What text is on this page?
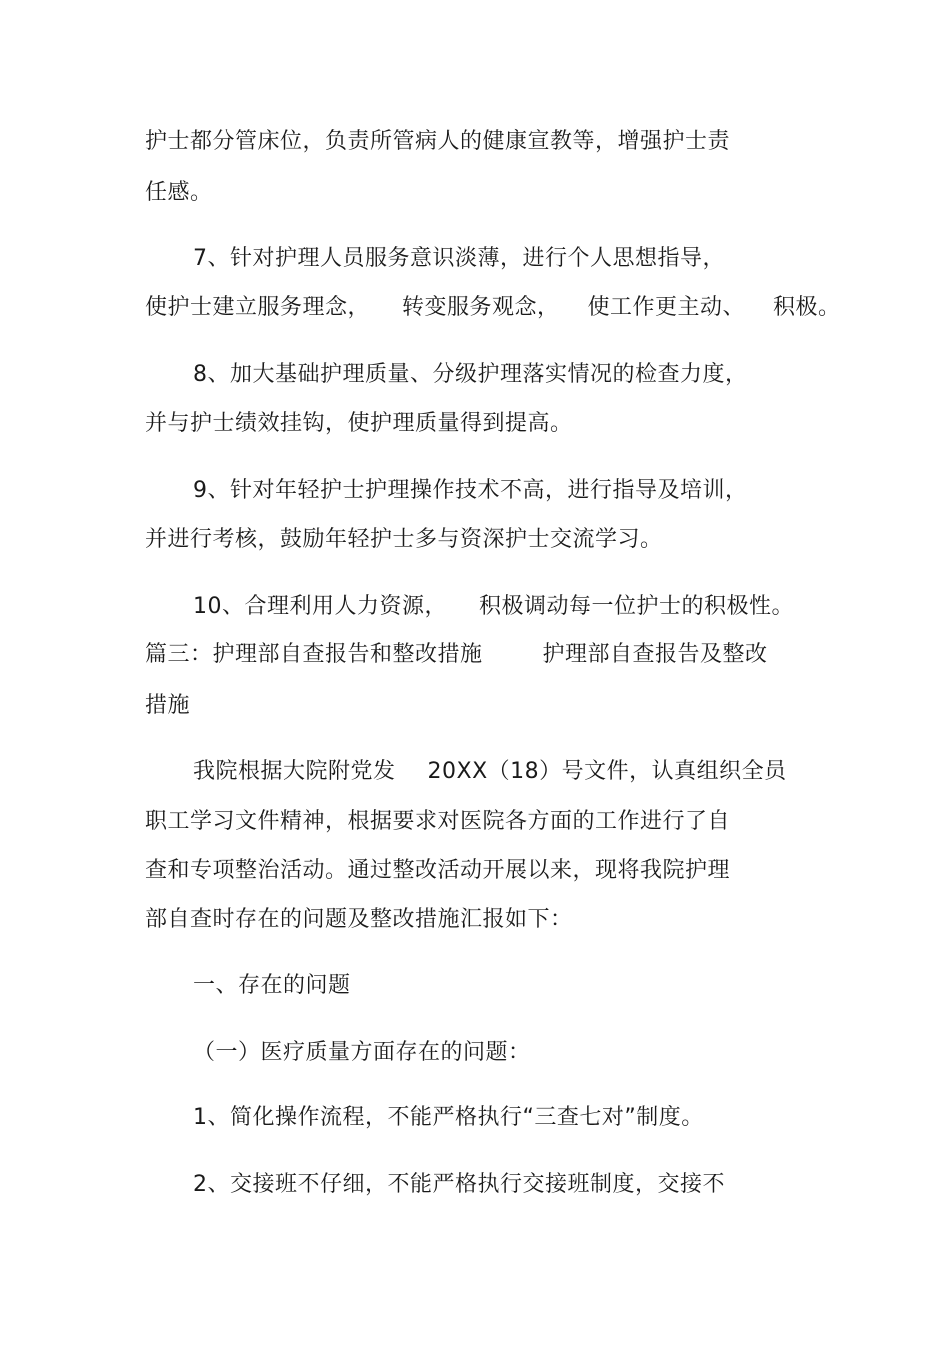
护士都分管床位，负责所管病人的健康宣教等，增强护士责
任感。
7、针对护理人员服务意识淡薄，进行个人思想指导，
使护士建立服务理念， 转变服务观念， 使工作更主动、 积极。
8、加大基础护理质量、分级护理落实情况的检查力度，
并与护士绩效挂钩，使护理质量得到提高。
9、针对年轻护士护理操作技术不高，进行指导及培训，
并进行考核，鼓励年轻护士多与资深护士交流学习。
10、合理利用人力资源， 积极调动每一位护士的积极性。
篇三：护理部自查报告和整改措施	护理部自查报告及整改
措施
我院根据大院附党发 20XX（18）号文件，认真组织全员
职工学习文件精神，根据要求对医院各方面的工作进行了自
查和专项整治活动。通过整改活动开展以来，现将我院护理
部自查时存在的问题及整改措施汇报如下：
一、存在的问题
（一）医疗质量方面存在的问题：
1、简化操作流程，不能严格执行“三查七对”制度。
2、交接班不仔细，不能严格执行交接班制度，交接不
